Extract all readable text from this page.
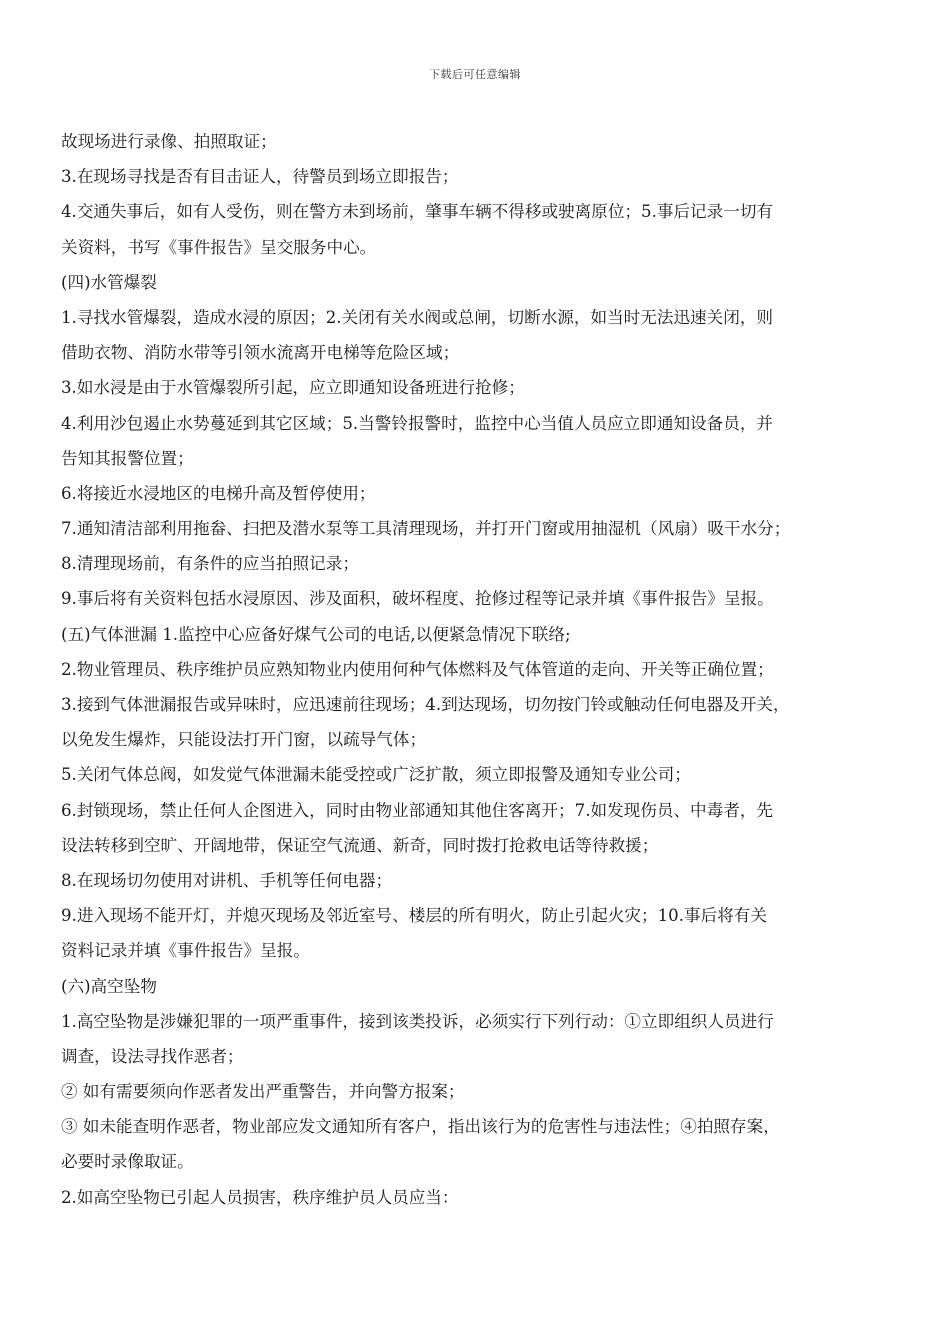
下载后可任意编辑
故现场进行录像、拍照取证；
3.在现场寻找是否有目击证人，待警员到场立即报告；
4.交通失事后，如有人受伤，则在警方未到场前，肇事车辆不得移或驶离原位；5.事后记录一切有
关资料，书写《事件报告》呈交服务中心。
(四)水管爆裂
1.寻找水管爆裂，造成水浸的原因；2.关闭有关水阀或总闸，切断水源，如当时无法迅速关闭，则
借助衣物、消防水带等引领水流离开电梯等危险区域；
3.如水浸是由于水管爆裂所引起，应立即通知设备班进行抢修；
4.利用沙包遏止水势蔓延到其它区域；5.当警铃报警时，监控中心当值人员应立即通知设备员，并
告知其报警位置；
6.将接近水浸地区的电梯升高及暂停使用；
7.通知清洁部利用拖畚、扫把及潜水泵等工具清理现场，并打开门窗或用抽湿机（风扇）吸干水分；
8.清理现场前，有条件的应当拍照记录；
9.事后将有关资料包括水浸原因、涉及面积，破坏程度、抢修过程等记录并填《事件报告》呈报。
(五)气体泄漏 1.监控中心应备好煤气公司的电话,以便紧急情况下联络;
2.物业管理员、秩序维护员应熟知物业内使用何种气体燃料及气体管道的走向、开关等正确位置；
3.接到气体泄漏报告或异味时，应迅速前往现场；4.到达现场，切勿按门铃或触动任何电器及开关，
以免发生爆炸，只能设法打开门窗，以疏导气体；
5.关闭气体总阀，如发觉气体泄漏未能受控或广泛扩散，须立即报警及通知专业公司；
6.封锁现场，禁止任何人企图进入，同时由物业部通知其他住客离开；7.如发现伤员、中毒者，先
设法转移到空旷、开阔地带，保证空气流通、新奇，同时拨打抢救电话等待救援；
8.在现场切勿使用对讲机、手机等任何电器；
9.进入现场不能开灯，并熄灭现场及邻近室号、楼层的所有明火，防止引起火灾；10.事后将有关
资料记录并填《事件报告》呈报。
(六)高空坠物
1.高空坠物是涉嫌犯罪的一项严重事件，接到该类投诉，必须实行下列行动：①立即组织人员进行
调查，设法寻找作恶者；
② 如有需要须向作恶者发出严重警告，并向警方报案；
③ 如未能查明作恶者，物业部应发文通知所有客户，指出该行为的危害性与违法性；④拍照存案，
必要时录像取证。
2.如高空坠物已引起人员损害，秩序维护员人员应当：
